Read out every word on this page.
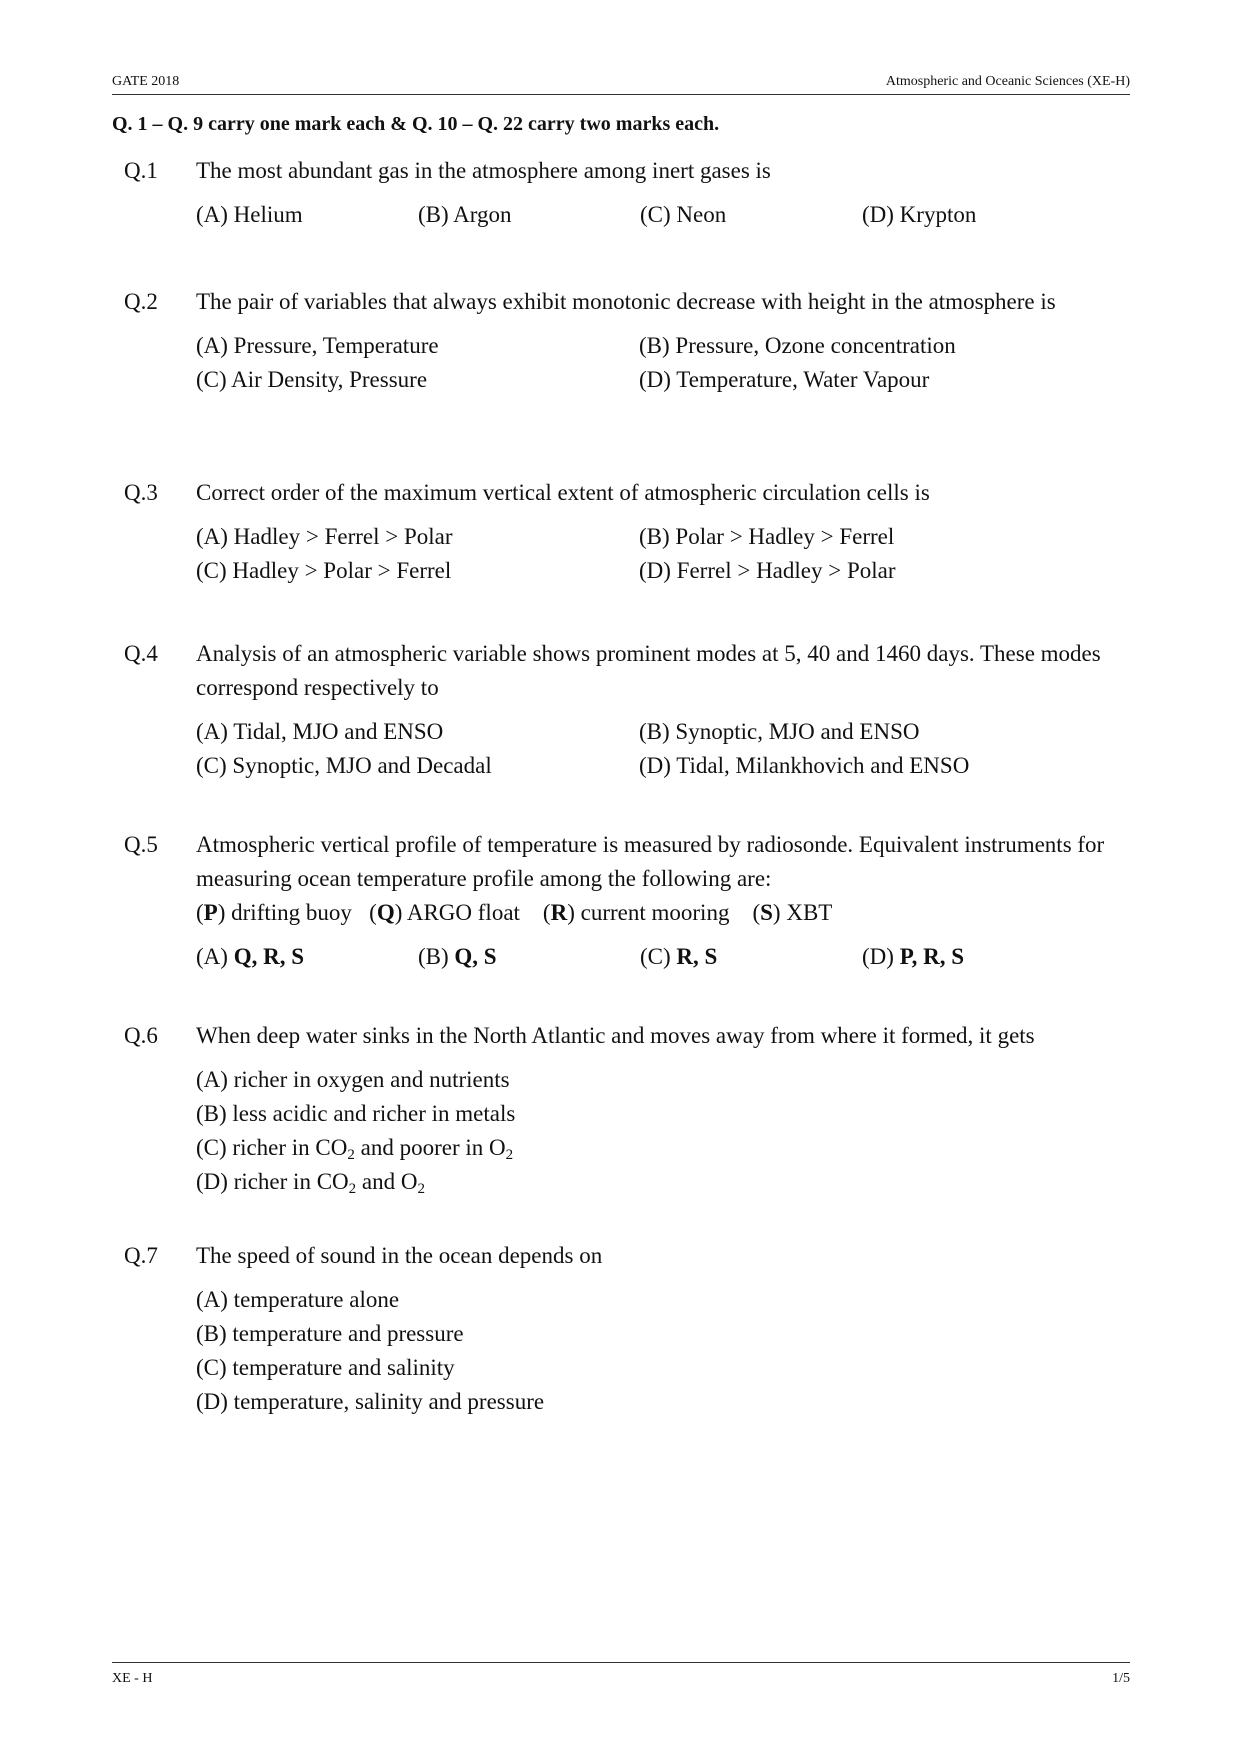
GATE 2018	Atmospheric and Oceanic Sciences (XE-H)
Q. 1 – Q. 9 carry one mark each & Q. 10 – Q. 22 carry two marks each.
Q.1 The most abundant gas in the atmosphere among inert gases is
(A) Helium	(B) Argon	(C) Neon	(D) Krypton
Q.2 The pair of variables that always exhibit monotonic decrease with height in the atmosphere is
(A) Pressure, Temperature	(B) Pressure, Ozone concentration
(C) Air Density, Pressure	(D) Temperature, Water Vapour
Q.3 Correct order of the maximum vertical extent of atmospheric circulation cells is
(A) Hadley > Ferrel > Polar	(B) Polar > Hadley > Ferrel
(C) Hadley > Polar > Ferrel	(D) Ferrel > Hadley > Polar
Q.4 Analysis of an atmospheric variable shows prominent modes at 5, 40 and 1460 days. These modes correspond respectively to
(A) Tidal, MJO and ENSO	(B) Synoptic, MJO and ENSO
(C) Synoptic, MJO and Decadal	(D) Tidal, Milankhovich and ENSO
Q.5 Atmospheric vertical profile of temperature is measured by radiosonde. Equivalent instruments for measuring ocean temperature profile among the following are:
(P) drifting buoy (Q) ARGO float (R) current mooring (S) XBT
(A) Q, R, S	(B) Q, S	(C) R, S	(D) P, R, S
Q.6 When deep water sinks in the North Atlantic and moves away from where it formed, it gets
(A) richer in oxygen and nutrients
(B) less acidic and richer in metals
(C) richer in $CO_2$ and poorer in $O_2$
(D) richer in $CO_2$ and $O_2$
Q.7 The speed of sound in the ocean depends on
(A) temperature alone
(B) temperature and pressure
(C) temperature and salinity
(D) temperature, salinity and pressure
XE - H	1/5
